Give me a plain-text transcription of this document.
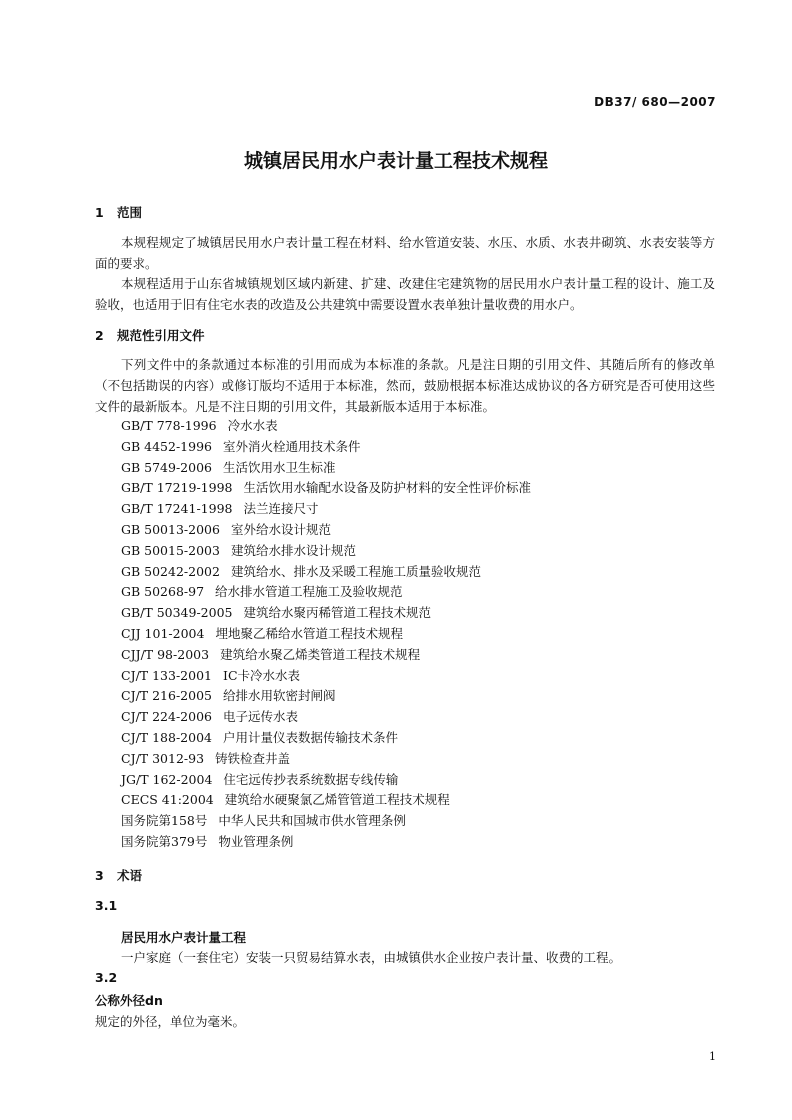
DB37/ 680—2007
城镇居民用水户表计量工程技术规程
1 范围
本规程规定了城镇居民用水户表计量工程在材料、给水管道安装、水压、水质、水表井砌筑、水表安装等方面的要求。
本规程适用于山东省城镇规划区域内新建、扩建、改建住宅建筑物的居民用水户表计量工程的设计、施工及验收，也适用于旧有住宅水表的改造及公共建筑中需要设置水表单独计量收费的用水户。
2 规范性引用文件
下列文件中的条款通过本标准的引用而成为本标准的条款。凡是注日期的引用文件、其随后所有的修改单（不包括勘误的内容）或修订版均不适用于本标准，然而，鼓励根据本标准达成协议的各方研究是否可使用这些文件的最新版本。凡是不注日期的引用文件，其最新版本适用于本标准。
GB/T 778-1996 冷水水表
GB 4452-1996 室外消火栓通用技术条件
GB 5749-2006 生活饮用水卫生标准
GB/T 17219-1998 生活饮用水输配水设备及防护材料的安全性评价标准
GB/T 17241-1998 法兰连接尺寸
GB 50013-2006 室外给水设计规范
GB 50015-2003 建筑给水排水设计规范
GB 50242-2002 建筑给水、排水及采暖工程施工质量验收规范
GB 50268-97 给水排水管道工程施工及验收规范
GB/T 50349-2005 建筑给水聚丙稀管道工程技术规范
CJJ 101-2004 埋地聚乙稀给水管道工程技术规程
CJJ/T 98-2003 建筑给水聚乙烯类管道工程技术规程
CJ/T 133-2001 IC卡冷水水表
CJ/T 216-2005 给排水用软密封闸阀
CJ/T 224-2006 电子远传水表
CJ/T 188-2004 户用计量仪表数据传输技术条件
CJ/T 3012-93 铸铁检查井盖
JG/T 162-2004 住宅远传抄表系统数据专线传输
CECS 41:2004 建筑给水硬聚氯乙烯管管道工程技术规程
国务院第158号 中华人民共和国城市供水管理条例
国务院第379号 物业管理条例
3 术语
3.1
居民用水户表计量工程
一户家庭（一套住宅）安装一只贸易结算水表，由城镇供水企业按户表计量、收费的工程。
3.2
公称外径dn
规定的外径，单位为毫米。
1
